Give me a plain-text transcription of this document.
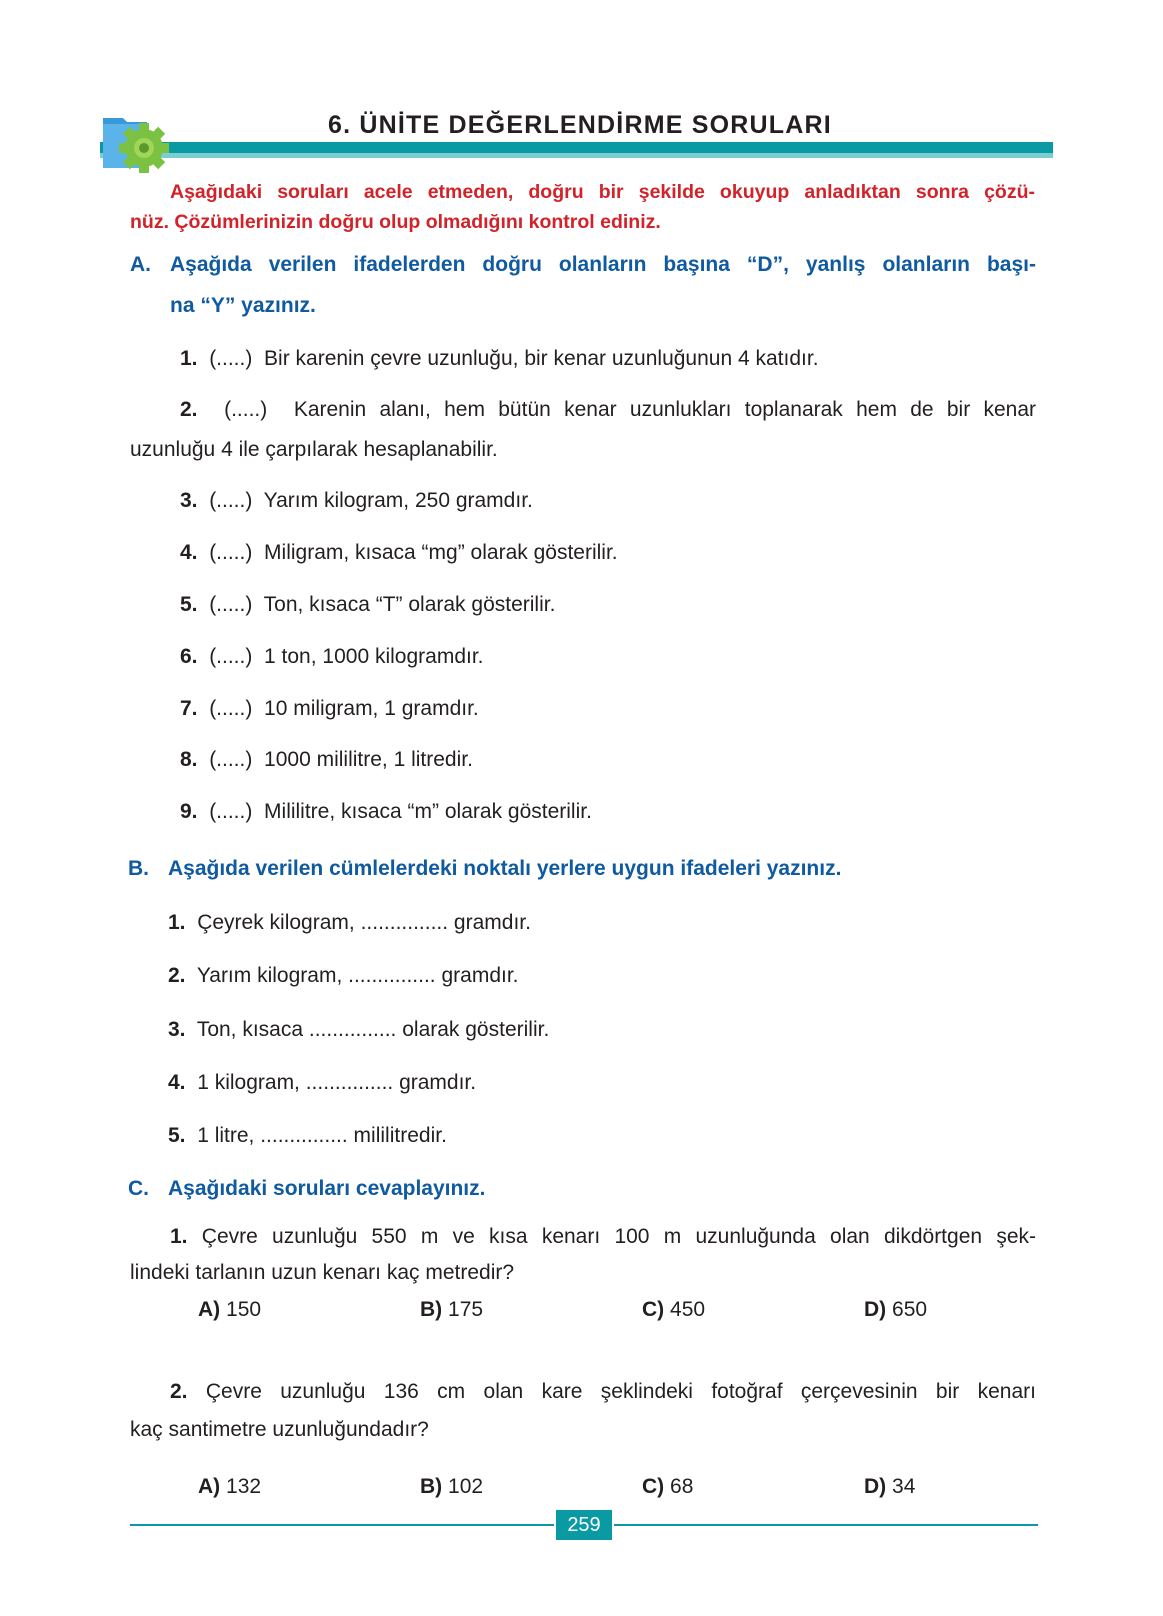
6. ÜNİTE DEĞERLENDİRME SORULARI
Aşağıdaki soruları acele etmeden, doğru bir şekilde okuyup anladıktan sonra çözü-
nüz. Çözümlerinizin doğru olup olmadığını kontrol ediniz.
A. Aşağıda verilen ifadelerden doğru olanların başına “D”, yanlış olanların başı-
na “Y” yazınız.
1. (.....) Bir karenin çevre uzunluğu, bir kenar uzunluğunun 4 katıdır.
2. (.....) Karenin alanı, hem bütün kenar uzunlukları toplanarak hem de bir kenar
uzunluğu 4 ile çarpılarak hesaplanabilir.
3. (.....) Yarım kilogram, 250 gramdır.
4. (.....) Miligram, kısaca “mg” olarak gösterilir.
5. (.....) Ton, kısaca “T” olarak gösterilir.
6. (.....) 1 ton, 1000 kilogramdır.
7. (.....) 10 miligram, 1 gramdır.
8. (.....) 1000 mililitre, 1 litredir.
9. (.....) Mililitre, kısaca “m” olarak gösterilir.
B. Aşağıda verilen cümlelerdeki noktalı yerlere uygun ifadeleri yazınız.
1. Çeyrek kilogram, ............... gramdır.
2. Yarım kilogram, ............... gramdır.
3. Ton, kısaca ............... olarak gösterilir.
4. 1 kilogram, ............... gramdır.
5. 1 litre, ............... mililitredir.
C. Aşağıdaki soruları cevaplayınız.
1. Çevre uzunluğu 550 m ve kısa kenarı 100 m uzunluğunda olan dikdörtgen şek-
lindeki tarlanın uzun kenarı kaç metredir?
A) 150	B) 175	C) 450	D) 650
2. Çevre uzunluğu 136 cm olan kare şeklindeki fotoğraf çerçevesinin bir kenarı
kaç santimetre uzunluğundadır?
A) 132	B) 102	C) 68	D) 34
259
